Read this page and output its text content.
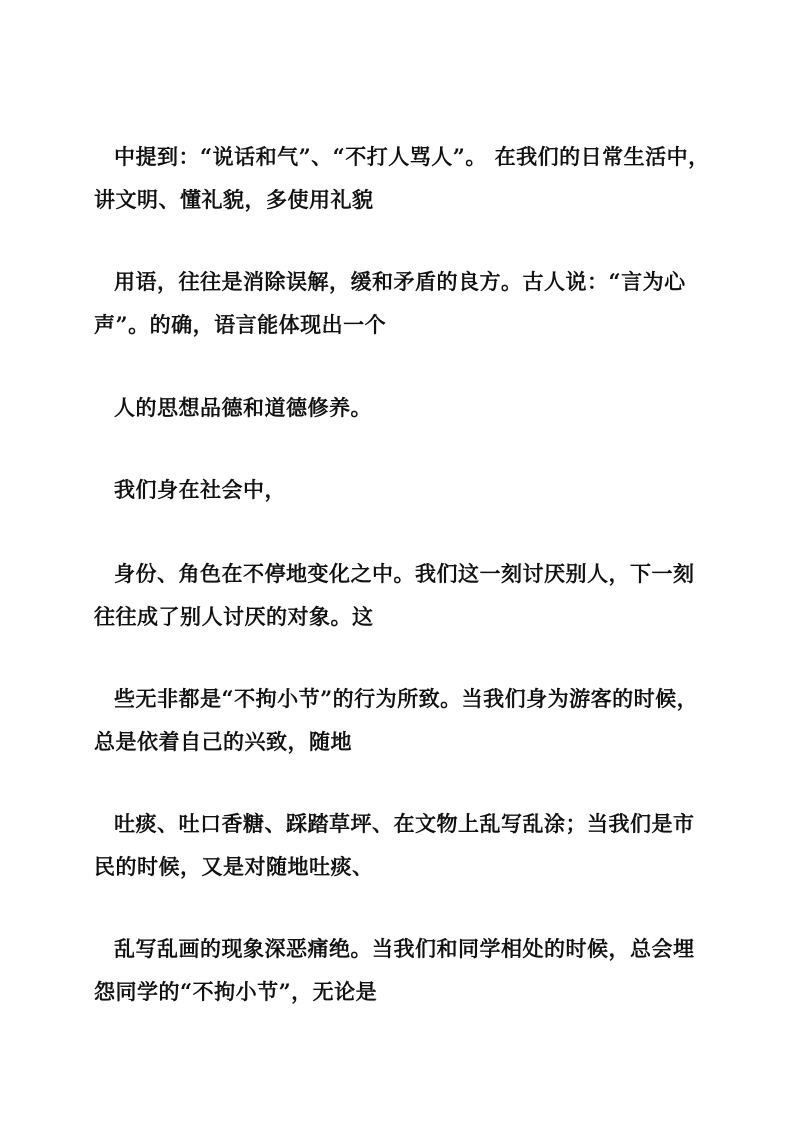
中提到：“说话和气”、“不打人骂人”。 在我们的日常生活中，
讲文明、懂礼貌，多使用礼貌
用语，往往是消除误解，缓和矛盾的良方。古人说：“言为心
声”。的确，语言能体现出一个
人的思想品德和道德修养。
我们身在社会中，
身份、角色在不停地变化之中。我们这一刻讨厌别人，下一刻
往往成了别人讨厌的对象。这
些无非都是“不拘小节”的行为所致。当我们身为游客的时候，
总是依着自己的兴致，随地
吐痰、吐口香糖、踩踏草坪、在文物上乱写乱涂；当我们是市
民的时候，又是对随地吐痰、
乱写乱画的现象深恶痛绝。当我们和同学相处的时候，总会埋
怨同学的“不拘小节”，无论是
